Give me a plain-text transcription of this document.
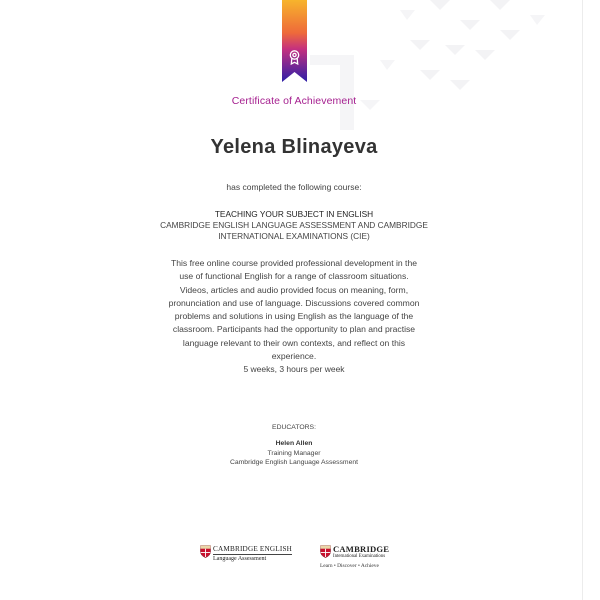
Certificate of Achievement
Yelena Blinayeva
has completed the following course:
TEACHING YOUR SUBJECT IN ENGLISH
CAMBRIDGE ENGLISH LANGUAGE ASSESSMENT AND CAMBRIDGE
INTERNATIONAL EXAMINATIONS (CIE)
This free online course provided professional development in the use of functional English for a range of classroom situations. Videos, articles and audio provided focus on meaning, form, pronunciation and use of language. Discussions covered common problems and solutions in using English as the language of the classroom. Participants had the opportunity to plan and practise language relevant to their own contexts, and reflect on this experience.
5 weeks, 3 hours per week
EDUCATORS:
Helen Allen
Training Manager
Cambridge English Language Assessment
CAMBRIDGE ENGLISH
Language Assessment
CAMBRIDGE
International Examinations
Learn • Discover • Achieve
